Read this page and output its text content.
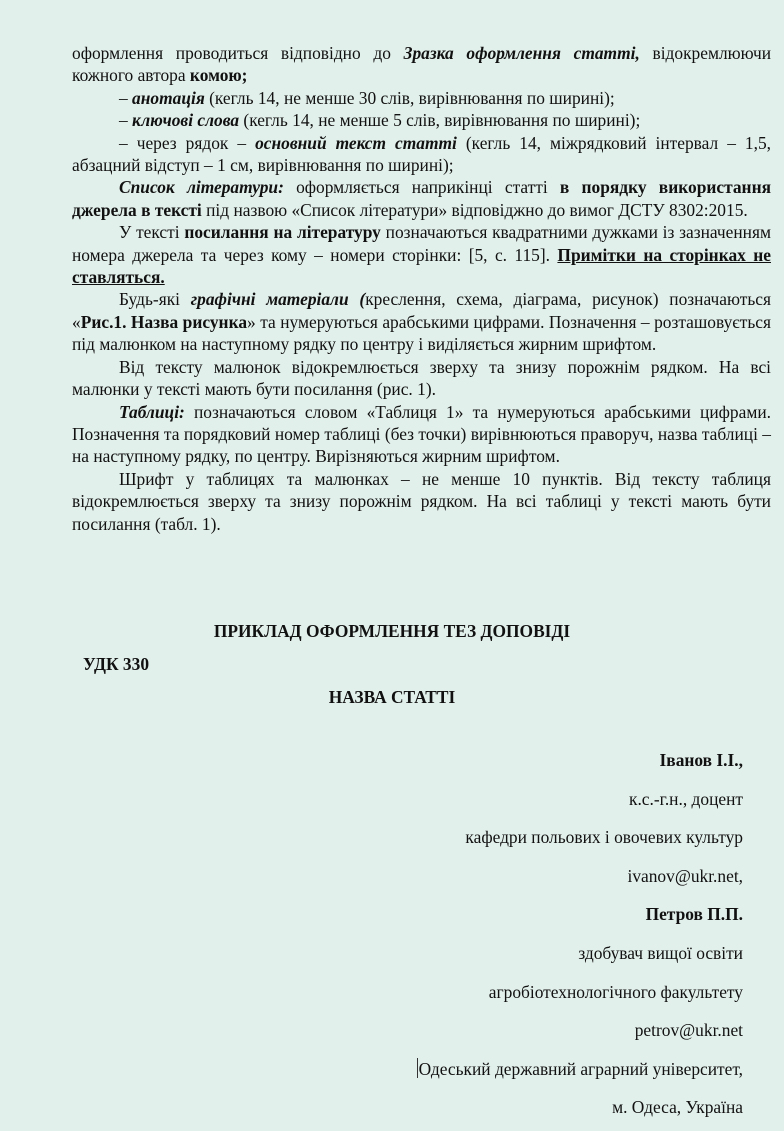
оформлення проводиться відповідно до Зразка оформлення статті, відокремлюючи кожного автора комою;

– анотація (кегль 14, не менше 30 слів, вирівнювання по ширині);

– ключові слова (кегль 14, не менше 5 слів, вирівнювання по ширині);

– через рядок – основний текст статті (кегль 14, міжрядковий інтервал – 1,5, абзацний відступ – 1 см, вирівнювання по ширині);

Список літератури: оформляється наприкінці статті в порядку використання джерела в тексті під назвою «Список літератури» відповіджно до вимог ДСТУ 8302:2015.

У тексті посилання на літературу позначаються квадратними дужками із зазначенням номера джерела та через кому – номери сторінки: [5, с. 115]. Примітки на сторінках не ставляться.

Будь-які графічні матеріали (креслення, схема, діаграма, рисунок) позначаються «Рис.1. Назва рисунка» та нумеруються арабськими цифрами. Позначення – розташовується під малюнком на наступному рядку по центру і виділяється жирним шрифтом.

Від тексту малюнок відокремлюється зверху та знизу порожнім рядком. На всі малюнки у тексті мають бути посилання (рис. 1).

Таблиці: позначаються словом «Таблиця 1» та нумеруються арабськими цифрами. Позначення та порядковий номер таблиці (без точки) вирівнюються праворуч, назва таблиці – на наступному рядку, по центру. Вирізняються жирним шрифтом.

Шрифт у таблицях та малюнках – не менше 10 пунктів. Від тексту таблиця відокремлюється зверху та знизу порожнім рядком. На всі таблиці у тексті мають бути посилання (табл. 1).

ПРИКЛАД ОФОРМЛЕННЯ ТЕЗ ДОПОВІДІ
УДК 330
НАЗВА СТАТТІ
Іванов І.І.,
к.с.-г.н., доцент
кафедри польових і овочевих культур
ivanov@ukr.net,
Петров П.П.
здобувач вищої освіти
агробіотехнологічного факультету
petrov@ukr.net
Одеський державний аграрний університет,
м. Одеса, Україна
